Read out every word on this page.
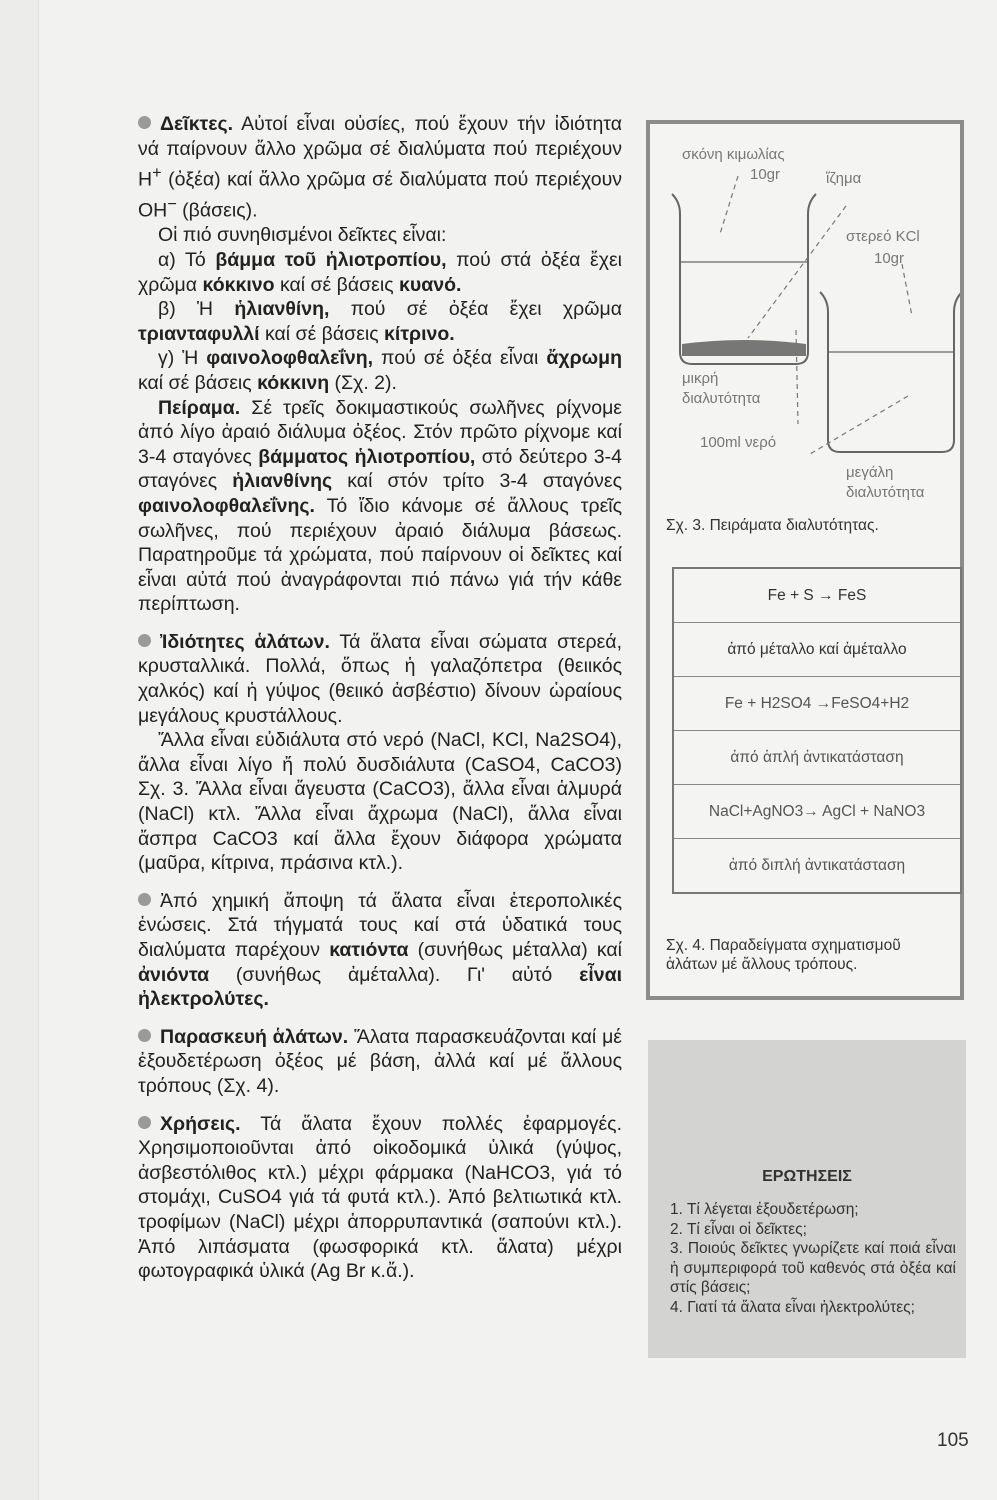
Δεῖκτες. Αὐτοί εἶναι οὐσίες, πού ἔχουν τήν ἰδιότητα νά παίρνουν ἄλλο χρῶμα σέ διαλύματα πού περιέχουν H+ (ὀξέα) καί ἄλλο χρῶμα σέ διαλύματα πού περιέχουν OH− (βάσεις).

Οἱ πιό συνηθισμένοι δεῖκτες εἶναι:

α) Τό βάμμα τοῦ ἡλιοτροπίου, πού στά ὀξέα ἔχει χρῶμα κόκκινο καί σέ βάσεις κυανό.

β) Ἡ ἡλιανθίνη, πού σέ ὀξέα ἔχει χρῶμα τριανταφυλλί καί σέ βάσεις κίτρινο.

γ) Ἡ φαινολοφθαλεΐνη, πού σέ ὀξέα εἶναι ἄχρωμη καί σέ βάσεις κόκκινη (Σχ. 2).

Πείραμα. Σέ τρεῖς δοκιμαστικούς σωλῆνες ρίχνομε ἀπό λίγο ἀραιό διάλυμα ὀξέος. Στόν πρῶτο ρίχνομε καί 3-4 σταγόνες βάμματος ἡλιοτροπίου, στό δεύτερο 3-4 σταγόνες ἡλιανθίνης καί στόν τρίτο 3-4 σταγόνες φαινολοφθαλεΐνης. Τό ἴδιο κάνομε σέ ἄλλους τρεῖς σωλῆνες, πού περιέχουν ἀραιό διάλυμα βάσεως. Παρατηροῦμε τά χρώματα, πού παίρνουν οἱ δεῖκτες καί εἶναι αὐτά πού ἀναγράφονται πιό πάνω γιά τήν κάθε περίπτωση.

Ἰδιότητες ἁλάτων. Τά ἅλατα εἶναι σώματα στερεά, κρυσταλλικά. Πολλά, ὅπως ἡ γαλαζόπετρα (θειικός χαλκός) καί ἡ γύψος (θειικό ἀσβέστιο) δίνουν ὡραίους μεγάλους κρυστάλλους.

Ἄλλα εἶναι εὐδιάλυτα στό νερό (NaCl, KCl, Na2SO4), ἄλλα εἶναι λίγο ἤ πολύ δυσδιάλυτα (CaSO4, CaCO3) Σχ. 3. Ἄλλα εἶναι ἄγευστα (CaCO3), ἄλλα εἶναι ἁλμυρά (NaCl) κτλ. Ἄλλα εἶναι ἄχρωμα (NaCl), ἄλλα εἶναι ἄσπρα CaCO3 καί ἄλλα ἔχουν διάφορα χρώματα (μαῦρα, κίτρινα, πράσινα κτλ.).

Ἀπό χημική ἄποψη τά ἅλατα εἶναι ἑτεροπολικές ἑνώσεις. Στά τήγματά τους καί στά ὑδατικά τους διαλύματα παρέχουν κατιόντα (συνήθως μέταλλα) καί ἀνιόντα (συνήθως ἀμέταλλα). Γι' αὐτό εἶναι ἠλεκτρολύτες.

Παρασκευή ἁλάτων. Ἅλατα παρασκευάζονται καί μέ ἐξουδετέρωση ὀξέος μέ βάση, ἀλλά καί μέ ἄλλους τρόπους (Σχ. 4).

Χρήσεις. Τά ἅλατα ἔχουν πολλές ἐφαρμογές. Χρησιμοποιοῦνται ἀπό οἰκοδομικά ὑλικά (γύψος, ἀσβεστόλιθος κτλ.) μέχρι φάρμακα (NaHCO3, γιά τό στομάχι, CuSO4 γιά τά φυτά κτλ.). Ἀπό βελτιωτικά κτλ. τροφίμων (NaCl) μέχρι ἀπορρυπαντικά (σαπούνι κτλ.). Ἀπό λιπάσματα (φωσφορικά κτλ. ἅλατα) μέχρι φωτογραφικά ὑλικά (Ag Br κ.ἄ.).

σκόνη κιμωλίας
10gr	ἵζημα
στερεό KCl
10gr
μικρή
διαλυτότητα
100ml νερό
μεγάλη
διαλυτότητα
Σχ. 3. Πειράματα διαλυτότητας.
Fe + S → FeS
ἀπό μέταλλο καί ἀμέταλλο
Fe + H2SO4 →FeSO4+H2
ἀπό ἁπλή ἀντικατάσταση
NaCl+AgNO3→ AgCl + NaNO3
ἀπό διπλή ἀντικατάσταση
Σχ. 4. Παραδείγματα σχηματισμοῦ ἁλάτων μέ ἄλλους τρόπους.
ΕΡΩΤΗΣΕΙΣ
1. Τί λέγεται ἐξουδετέρωση;
2. Τί εἶναι οἱ δεῖκτες;
3. Ποιούς δεῖκτες γνωρίζετε καί ποιά εἶναι ἡ συμπεριφορά τοῦ καθενός στά ὀξέα καί στίς βάσεις;
4. Γιατί τά ἅλατα εἶναι ἠλεκτρολύτες;
105
